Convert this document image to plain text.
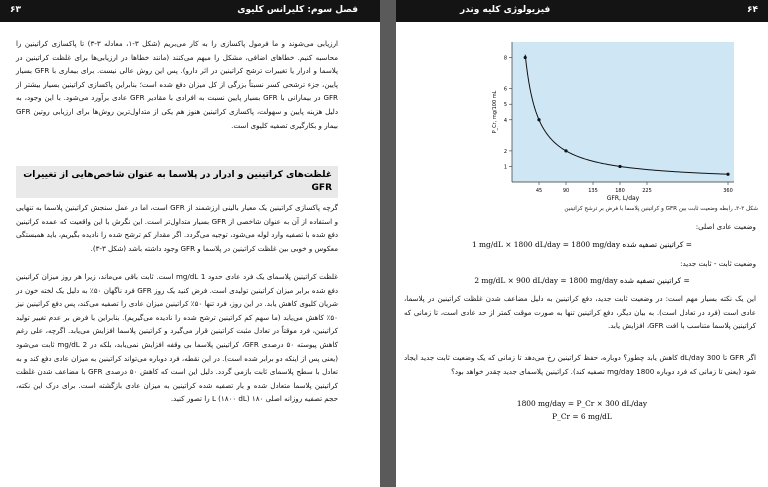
۶۳	فصل سوم: کلیرانس کلیوی
ارزیابی می‌شوند و ما فرمول پاکسازی را به کار می‌بریم (شکل ۳-۱، معادله ۳-۳) تا پاکسازی کراتینین را محاسبه کنیم. خطاهای اضافی، مشکل را مبهم می‌کنند (مانند خطاها در ارزیابی‌ها برای غلظت کراتینین در پلاسما و ادرار یا تغییرات ترشح کراتینین در اثر دارو). پس این روش عالی نیست. برای بیماری با GFR بسیار پایین، جزء ترشحی کسر نسبتاً بزرگی از کل میزان دفع شده است؛ بنابراین پاکسازی کراتینین بسیار بیشتر از GFR در بیمارانی با GFR بسیار پایین نسبت به افرادی با مقادیر GFR عادی برآورد می‌شود. با این وجود، به دلیل هزینه پایین و سهولت، پاکسازی کراتینین هنوز هم یکی از متداول‌ترین روش‌ها برای ارزیابی روتین GFR بیمار و بکارگیری تصفیه کلیوی است.
غلظت‌های کراتینین و ادرار در پلاسما به عنوان شاخص‌هایی از تغییرات GFR
گرچه پاکسازی کراتینین یک معیار بالینی ارزشمند از GFR است، اما در عمل سنجش کراتینین پلاسما به تنهایی و استفاده از آن به عنوان شاخصی از GFR بسیار متداول‌تر است. این نگرش با این واقعیت که عمده کراتینین دفع شده با تصفیه وارد لوله می‌شود، توجیه می‌گردد. اگر مقدار کم ترشح شده را نادیده بگیریم، باید همبستگی معکوس و خوبی بین غلظت کراتینین در پلاسما و GFR وجود داشته باشد (شکل ۳-۳).
غلظت کراتینین پلاسمای یک فرد عادی حدود 1 mg/dL است. ثابت باقی می‌ماند، زیرا هر روز میزان کراتینین دفع شده برابر میزان کراتینین تولیدی است. فرض کنید یک روز GFR فرد ناگهان ۵۰٪ به دلیل یک لخته خون در شریان کلیوی کاهش یابد. در این روز، فرد تنها ۵۰٪ کراتینین میزان عادی را تصفیه می‌کند، پس دفع کراتینین نیز ۵۰٪ کاهش می‌یابد (ما سهم کم کراتینین ترشح شده را نادیده می‌گیریم). بنابراین با فرض بر عدم تغییر تولید کراتینین، فرد موقتاً در تعادل مثبت کراتینین قرار می‌گیرد و کراتینین پلاسما افزایش می‌یابد. اگرچه، علی رغم کاهش پیوسته ۵۰ درصدی GFR، کراتینین پلاسما بی وقفه افزایش نمی‌یابد، بلکه در 2 mg/dL ثابت می‌شود (یعنی پس از اینکه دو برابر شده است). در این نقطه، فرد دوباره می‌تواند کراتینین به میزان عادی دفع کند و به تعادل با سطح پلاسمای ثابت بازمی گردد. دلیل این است که کاهش ۵۰ درصدی GFR با مضاعف شدن غلظت کراتینین پلاسما متعادل شده و بار تصفیه شده کراتینین به میزان عادی بازگشته است. برای درک این نکته، حجم تصفیه روزانه اصلی ۱۸۰ L (۱۸۰۰ dL) را تصور کنید.
فیزیولوژی کلیه وندر	۶۴
1
2
4
5
6
8
45	90	135	180	225	360
GFR, L/day
P_Cr, mg/100 mL
شکل ۳-۳ـ رابطه وضعیت ثابت بین GFR و کراتینین پلاسما با فرض بر ترشح کراتینین
وضعیت عادی اصلی:
1 mg/dL × 1800 dL/day = 1800 mg/day کراتینین تصفیه شده =
وضعیت ثابت - ثابت جدید:
2 mg/dL × 900 dL/day = 1800 mg/day کراتینین تصفیه شده =
این یک نکته بسیار مهم است: در وضعیت ثابت جدید، دفع کراتینین به دلیل مضاعف شدن غلظت کراتینین در پلاسما، عادی است (فرد در تعادل است). به بیان دیگر، دفع کراتینین تنها به صورت موقت کمتر از حد عادی است، تا زمانی که کراتینین پلاسما متناسب با افت GFR، افزایش یابد.
اگر GFR تا 300 dL/day کاهش یابد چطور؟ دوباره، حفظ کراتینین رخ می‌دهد تا زمانی که یک وضعیت ثابت جدید ایجاد شود (یعنی تا زمانی که فرد دوباره 1800 mg/day تصفیه کند). کراتینین پلاسمای جدید چقدر خواهد بود؟
1800 mg/day = P_Cr × 300 dL/day
P_Cr = 6 mg/dL
